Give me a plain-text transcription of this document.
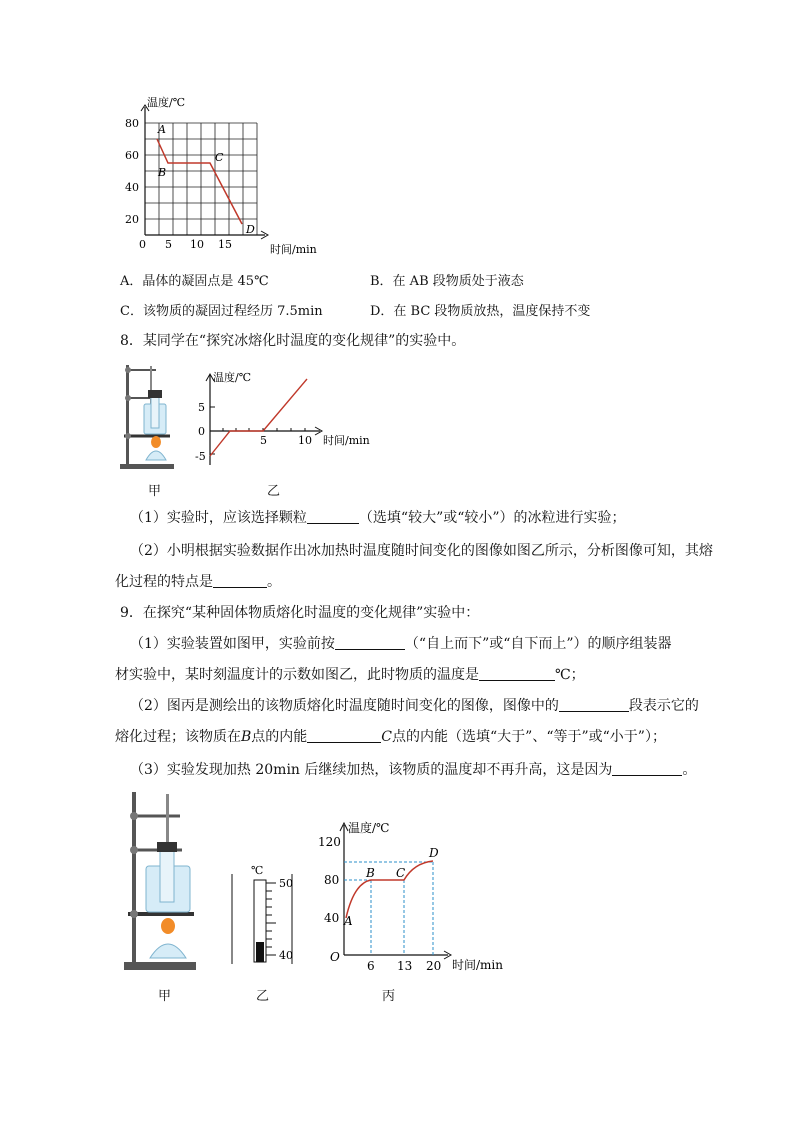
温度/℃
时间/min
80
60
40
20
0 5 10 15
A
B
C
D
A．晶体的凝固点是 45℃	B．在 AB 段物质处于液态
C．该物质的凝固过程经历 7.5min	D．在 BC 段物质放热，温度保持不变
8．某同学在“探究冰熔化时温度的变化规律”的实验中。
甲
温度/℃
时间/min
5
0
-5
5	10
乙
（1）实验时，应该选择颗粒	（选填“较大”或“较小”）的冰粒进行实验；
（2）小明根据实验数据作出冰加热时温度随时间变化的图像如图乙所示，分析图像可知，其熔
化过程的特点是	。
9．在探究“某种固体物质熔化时温度的变化规律”实验中：
（1）实验装置如图甲，实验前按	（“自上而下”或“自下而上”）的顺序组装器
材实验中，某时刻温度计的示数如图乙，此时物质的温度是	℃；
（2）图丙是测绘出的该物质熔化时温度随时间变化的图像，图像中的	段表示它的
熔化过程；该物质在B点的内能	C点的内能（选填“大于”、“等于”或“小于”）；
（3）实验发现加热 20min 后继续加热，该物质的温度却不再升高，这是因为	。
甲
℃
50
40
乙
温度/℃
时间/min
O
120
80
40
6 13 20
A
B C
D
丙
